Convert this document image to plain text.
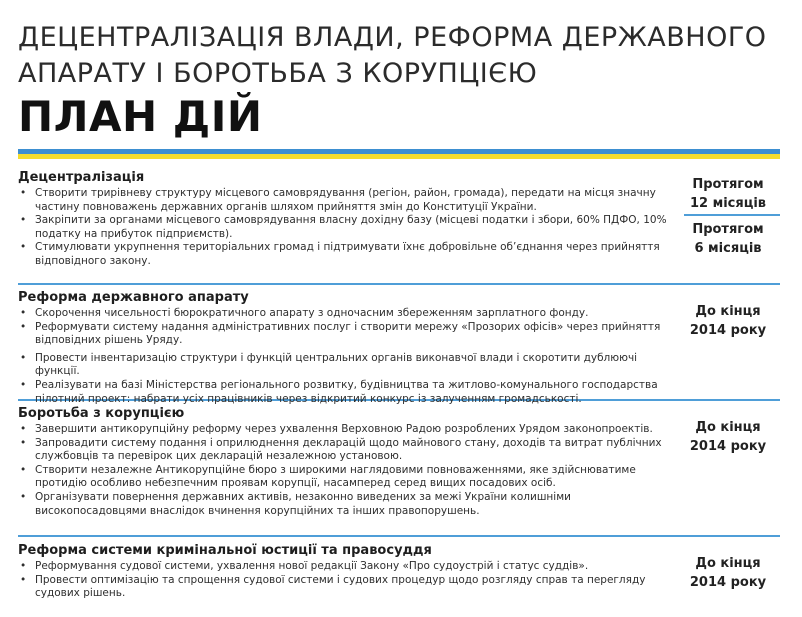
ДЕЦЕНТРАЛІЗАЦІЯ ВЛАДИ, РЕФОРМА ДЕРЖАВНОГО
АПАРАТУ І БОРОТЬБА З КОРУПЦІЄЮ
ПЛАН ДІЙ
Децентралізація
• Створити трирівневу структуру місцевого самоврядування (регіон, район, громада), передати на місця значну частину повноважень державних органів шляхом прийняття змін до Конституції України.
• Закріпити за органами місцевого самоврядування власну дохідну базу (місцеві податки і збори, 60% ПДФО, 10% податку на прибуток підприємств).
• Стимулювати укрупнення територіальних громад і підтримувати їхнє добровільне об’єднання через прийняття відповідного закону.
Протягом
12 місяців
Протягом
6 місяців
Реформа державного апарату
• Скорочення чисельності бюрократичного апарату з одночасним збереженням зарплатного фонду.
• Реформувати систему надання адміністративних послуг і створити мережу «Прозорих офісів» через прийняття відповідних рішень Уряду.
• Провести інвентаризацію структури і функцій центральних органів виконавчої влади і скоротити дублюючі функції.
• Реалізувати на базі Міністерства регіонального розвитку, будівництва та житлово-комунального господарства пілотний проект: набрати усіх працівників через відкритий конкурс із залученням громадськості.
До кінця
2014 року
Боротьба з корупцією
• Завершити антикорупційну реформу через ухвалення Верховною Радою розроблених Урядом законопроектів.
• Запровадити систему подання і оприлюднення декларацій щодо майнового стану, доходів та витрат публічних службовців та перевірок цих декларацій незалежною установою.
• Створити незалежне Антикорупційне бюро з широкими наглядовими повноваженнями, яке здійснюватиме протидію особливо небезпечним проявам корупції, насамперед серед вищих посадових осіб.
• Організувати повернення державних активів, незаконно виведених за межі України колишніми високопосадовцями внаслідок вчинення корупційних та інших правопорушень.
До кінця
2014 року
Реформа системи кримінальної юстиції та правосуддя
• Реформування судової системи, ухвалення нової редакції Закону «Про судоустрій і статус суддів».
• Провести оптимізацію та спрощення судової системи і судових процедур щодо розгляду справ та перегляду судових рішень.
До кінця
2014 року
